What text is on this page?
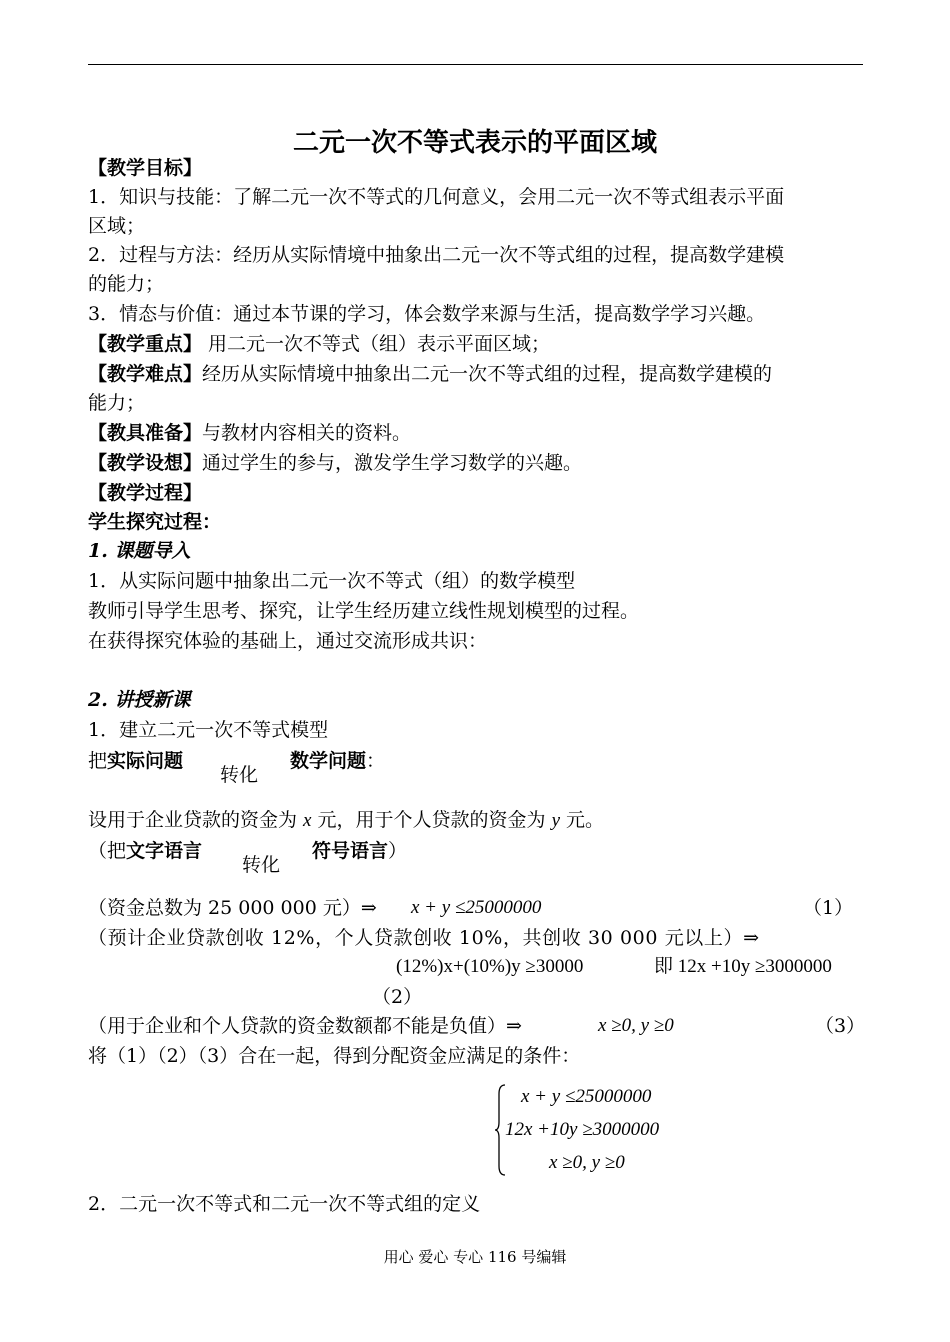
二元一次不等式表示的平面区域
【教学目标】
1．知识与技能：了解二元一次不等式的几何意义，会用二元一次不等式组表示平面
区域；
2．过程与方法：经历从实际情境中抽象出二元一次不等式组的过程，提高数学建模
的能力；
3．情态与价值：通过本节课的学习，体会数学来源与生活，提高数学学习兴趣。
【教学重点】 用二元一次不等式（组）表示平面区域；
【教学难点】经历从实际情境中抽象出二元一次不等式组的过程，提高数学建模的
能力；
【教具准备】与教材内容相关的资料。
【教学设想】通过学生的参与，激发学生学习数学的兴趣。
【教学过程】
学生探究过程：
1. 课题导入
1．从实际问题中抽象出二元一次不等式（组）的数学模型
教师引导学生思考、探究，让学生经历建立线性规划模型的过程。
在获得探究体验的基础上，通过交流形成共识：
2. 讲授新课
1．建立二元一次不等式模型
把实际问题
转化
数学问题：
设用于企业贷款的资金为 x 元，用于个人贷款的资金为 y 元。
（把文字语言
转化
符号语言）
（资金总数为 25 000 000 元）⇒ x + y ≤25000000	（1）
（预计企业贷款创收 12%，个人贷款创收 10%，共创收 30 000 元以上）⇒
(12%)x+(10%)y ≥30000	即 12x +10y ≥3000000
（2）
（用于企业和个人贷款的资金数额都不能是负值）⇒	x ≥0, y ≥0	（3）
将（1）（2）（3）合在一起，得到分配资金应满足的条件：
x + y ≤25000000
12x +10y ≥3000000
x ≥0, y ≥0
2．二元一次不等式和二元一次不等式组的定义
用心 爱心 专心 116 号编辑
